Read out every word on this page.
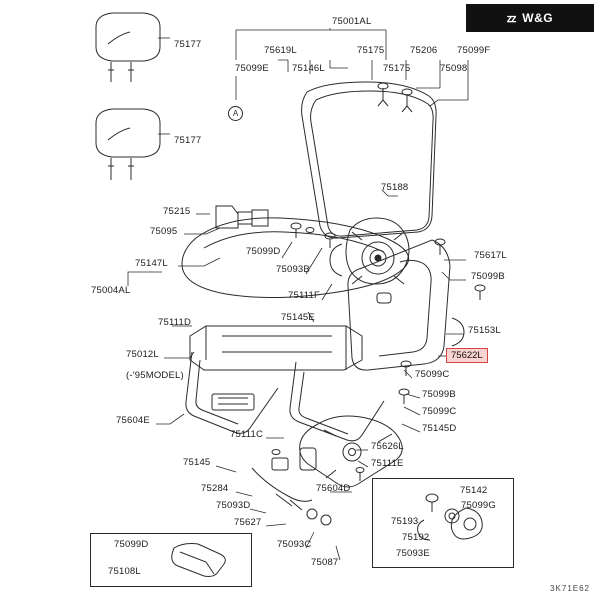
ⴭⴭ W&G
A
75177
75177
75001AL
75619L	75175	75206 75099F
75099E 75146L	75175	75098
75188
75215
75095
75617L
75099D
75099B
75147L
75093B
75004AL	75111F
75111D	75145E
75153L
75012L
75099C
75099B
75099C
75604E
75145D
75111C
75626L
75111E
75145
75284	75604D
75093D
75627
75142
75099G
75193
75192
75093E
75093C
75087
75099D
75108L
(-'95MODEL)
75622L
3K71E62
